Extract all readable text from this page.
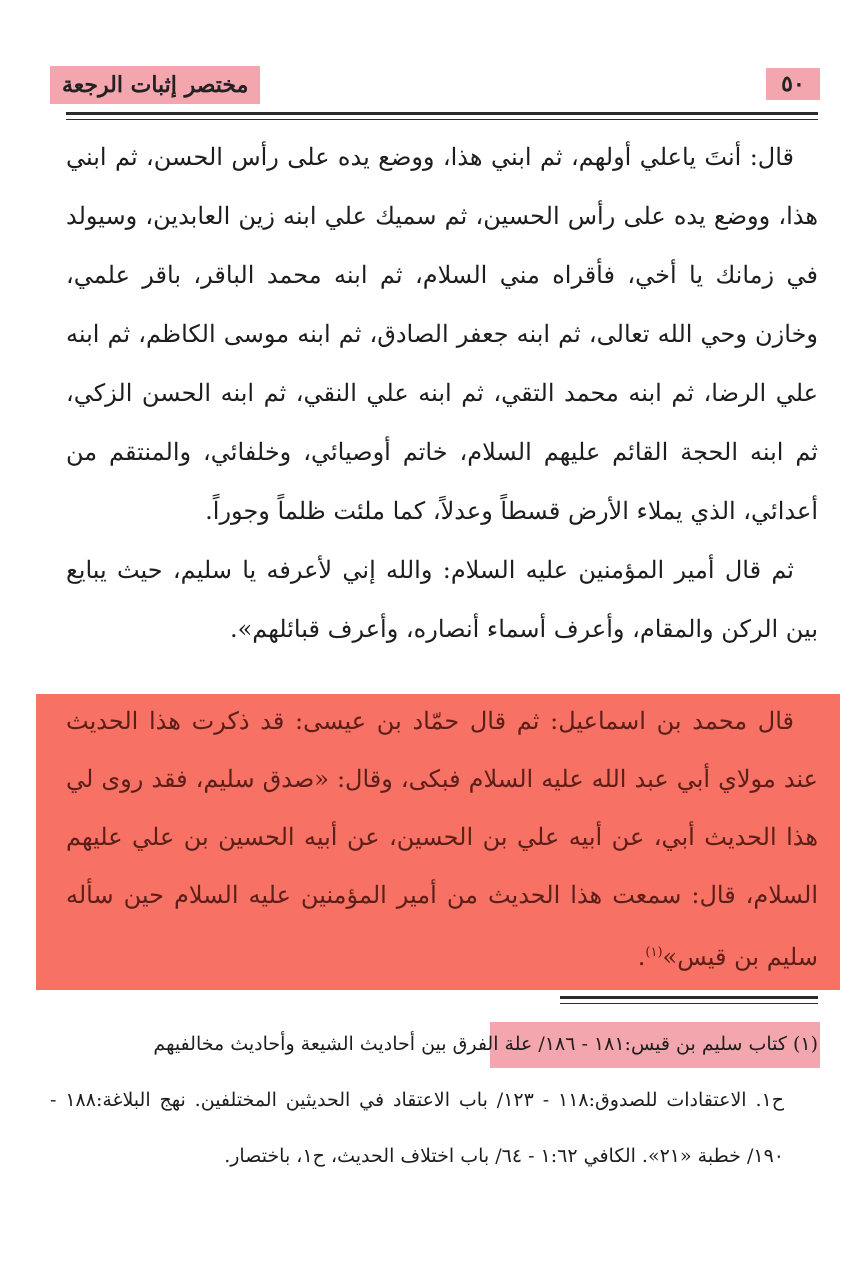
مختصر إثبات الرجعة	٥٠

قال: أنتَ ياعلي أولهم، ثم ابني هذا، ووضع يده على رأس الحسن، ثم ابني هذا، ووضع يده على رأس الحسين، ثم سميك علي ابنه زين العابدين، وسيولد في زمانك يا أخي، فأقراه مني السلام، ثم ابنه محمد الباقر، باقر علمي، وخازن وحي الله تعالى، ثم ابنه جعفر الصادق، ثم ابنه موسى الكاظم، ثم ابنه علي الرضا، ثم ابنه محمد التقي، ثم ابنه علي النقي، ثم ابنه الحسن الزكي، ثم ابنه الحجة القائم عليهم السلام، خاتم أوصيائي، وخلفائي، والمنتقم من أعدائي، الذي يملاء الأرض قسطاً وعدلاً، كما ملئت ظلماً وجوراً.

ثم قال أمير المؤمنين عليه السلام: والله إني لأعرفه يا سليم، حيث يبايع بين الركن والمقام، وأعرف أسماء أنصاره، وأعرف قبائلهم».

قال محمد بن اسماعيل: ثم قال حمّاد بن عيسى: قد ذكرت هذا الحديث عند مولاي أبي عبد الله عليه السلام فبكى، وقال: «صدق سليم، فقد روى لي هذا الحديث أبي، عن أبيه علي بن الحسين، عن أبيه الحسين بن علي عليهم السلام، قال: سمعت هذا الحديث من أمير المؤمنين عليه السلام حين سأله سليم بن قيس»$^{(١)}$.

(١) كتاب سليم بن قيس:١٨١ - ١٨٦/ علة الفرق بين أحاديث الشيعة وأحاديث مخالفيهم

ح١. الاعتقادات للصدوق:١١٨ - ١٢٣/ باب الاعتقاد في الحديثين المختلفين. نهج البلاغة:١٨٨ - ١٩٠/ خطبة «٢١». الكافي ١:٦٢ - ٦٤/ باب اختلاف الحديث، ح١، باختصار.
